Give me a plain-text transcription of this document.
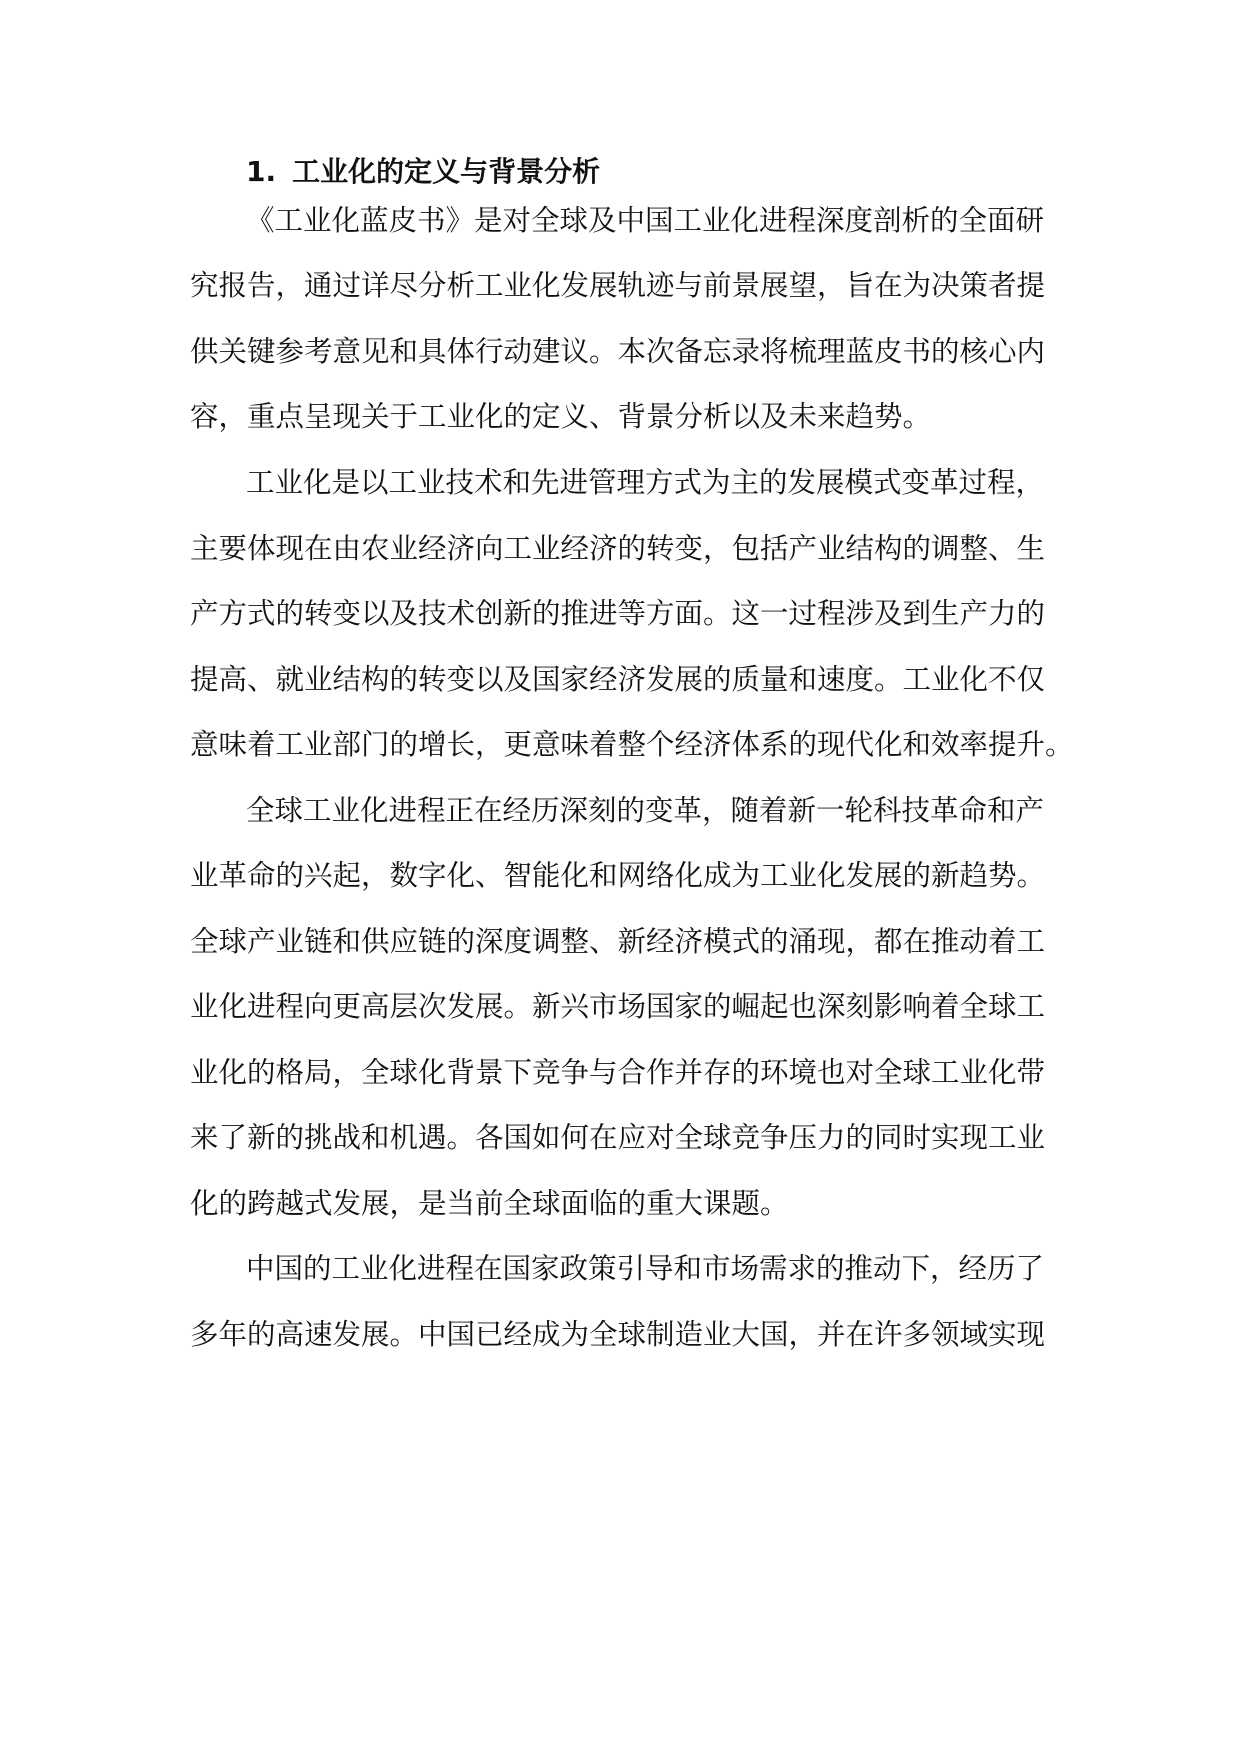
1. 工业化的定义与背景分析
《工业化蓝皮书》是对全球及中国工业化进程深度剖析的全面研
究报告，通过详尽分析工业化发展轨迹与前景展望，旨在为决策者提
供关键参考意见和具体行动建议。本次备忘录将梳理蓝皮书的核心内
容，重点呈现关于工业化的定义、背景分析以及未来趋势。
工业化是以工业技术和先进管理方式为主的发展模式变革过程，
主要体现在由农业经济向工业经济的转变，包括产业结构的调整、生
产方式的转变以及技术创新的推进等方面。这一过程涉及到生产力的
提高、就业结构的转变以及国家经济发展的质量和速度。工业化不仅
意味着工业部门的增长，更意味着整个经济体系的现代化和效率提升。
全球工业化进程正在经历深刻的变革，随着新一轮科技革命和产
业革命的兴起，数字化、智能化和网络化成为工业化发展的新趋势。
全球产业链和供应链的深度调整、新经济模式的涌现，都在推动着工
业化进程向更高层次发展。新兴市场国家的崛起也深刻影响着全球工
业化的格局，全球化背景下竞争与合作并存的环境也对全球工业化带
来了新的挑战和机遇。各国如何在应对全球竞争压力的同时实现工业
化的跨越式发展，是当前全球面临的重大课题。
中国的工业化进程在国家政策引导和市场需求的推动下，经历了
多年的高速发展。中国已经成为全球制造业大国，并在许多领域实现
